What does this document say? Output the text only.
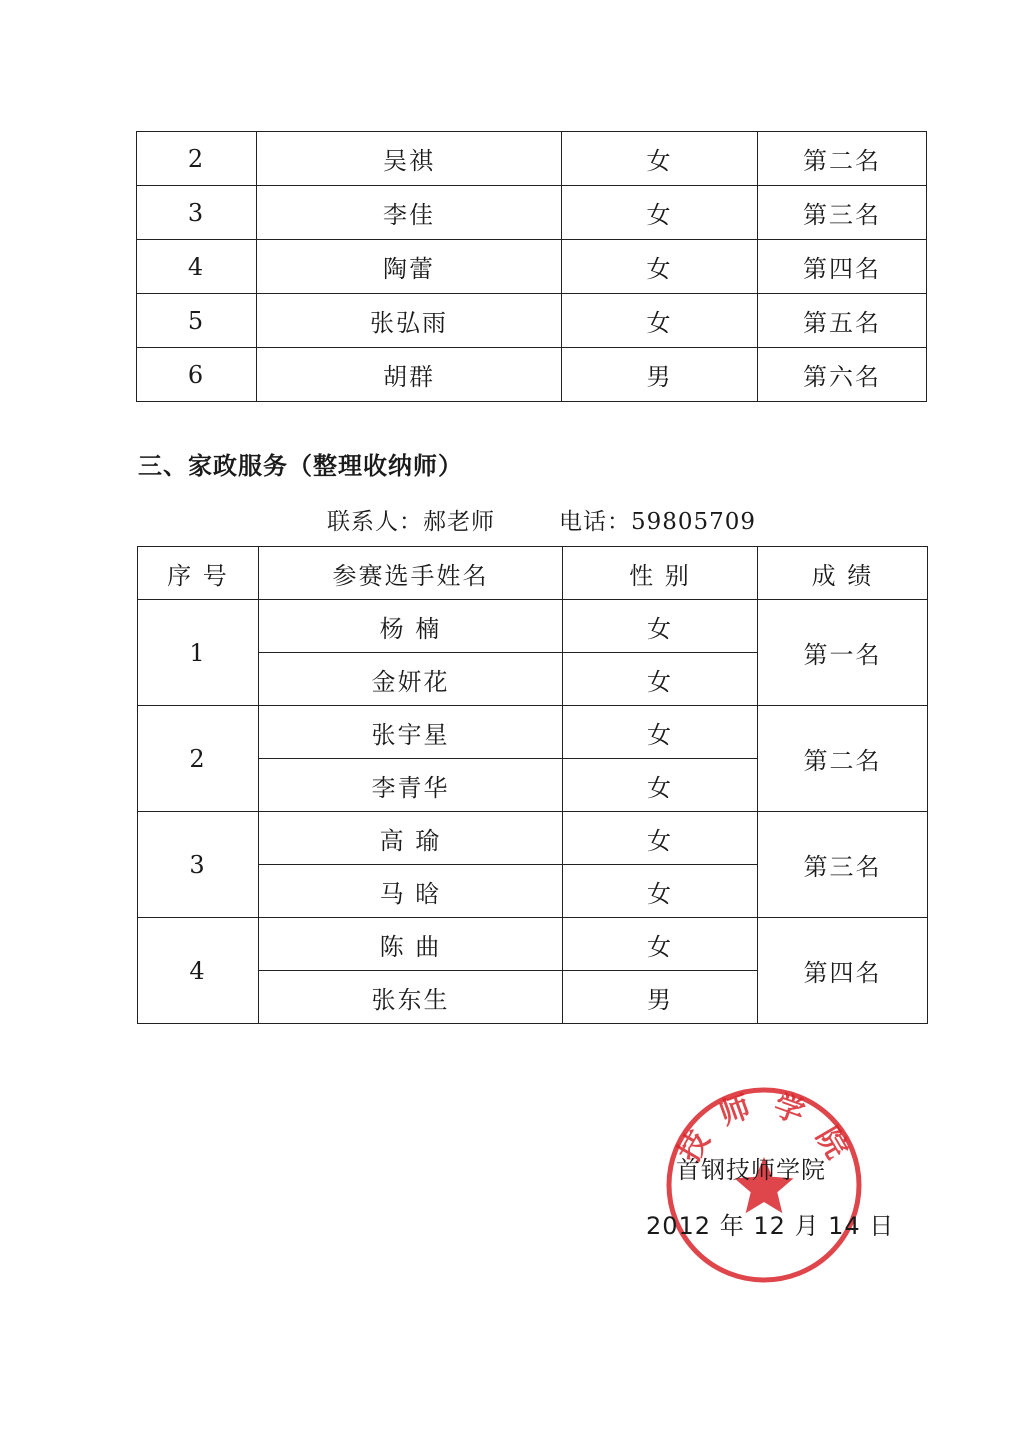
2	吴祺	女	第二名
3	李佳	女	第三名
4	陶蕾	女	第四名
5	张弘雨	女	第五名
6	胡群	男	第六名
三、家政服务（整理收纳师）
联系人：郝老师	电话：59805709
序 号	参赛选手姓名	性 别	成 绩
1	杨 楠	女	第一名
	金妍花	女	
2	张宇星	女	第二名
	李青华	女	
3	高 瑜	女	第三名
	马 晗	女	
4	陈 曲	女	第四名
	张东生	男	
技 师 学 院
首钢技师学院
2012 年 12 月 14 日
